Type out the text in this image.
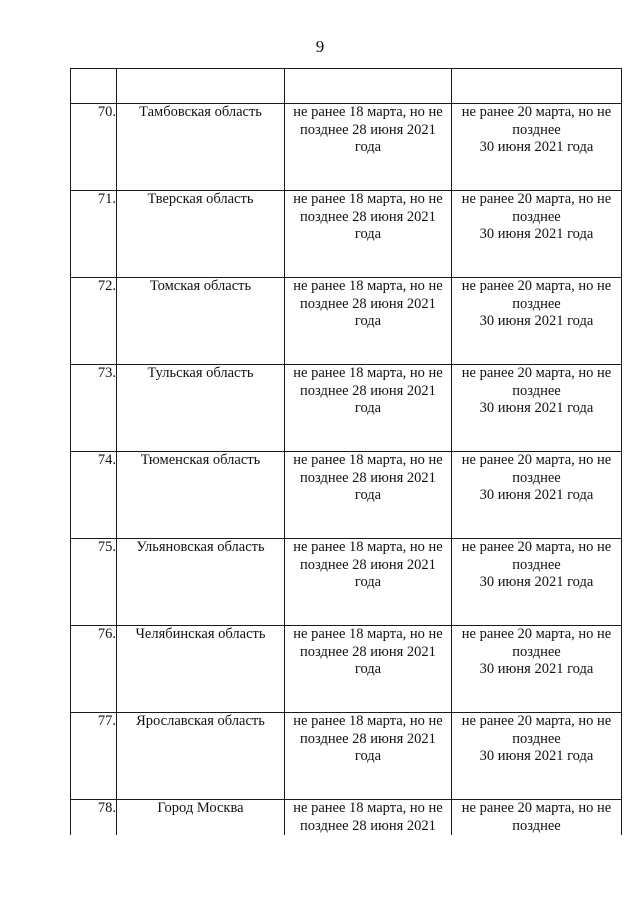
9

70.	Тамбовская область	не ранее 18 марта, но не
позднее 28 июня 2021
года	не ранее 20 марта, но не
позднее
30 июня 2021 года

71.	Тверская область	не ранее 18 марта, но не
позднее 28 июня 2021
года	не ранее 20 марта, но не
позднее
30 июня 2021 года

72.	Томская область	не ранее 18 марта, но не
позднее 28 июня 2021
года	не ранее 20 марта, но не
позднее
30 июня 2021 года

73.	Тульская область	не ранее 18 марта, но не
позднее 28 июня 2021
года	не ранее 20 марта, но не
позднее
30 июня 2021 года

74.	Тюменская область	не ранее 18 марта, но не
позднее 28 июня 2021
года	не ранее 20 марта, но не
позднее
30 июня 2021 года

75.	Ульяновская область	не ранее 18 марта, но не
позднее 28 июня 2021
года	не ранее 20 марта, но не
позднее
30 июня 2021 года

76.	Челябинская область	не ранее 18 марта, но не
позднее 28 июня 2021
года	не ранее 20 марта, но не
позднее
30 июня 2021 года

77.	Ярославская область	не ранее 18 марта, но не
позднее 28 июня 2021
года	не ранее 20 марта, но не
позднее
30 июня 2021 года

78.	Город Москва	не ранее 18 марта, но не
позднее 28 июня 2021	не ранее 20 марта, но не
позднее
